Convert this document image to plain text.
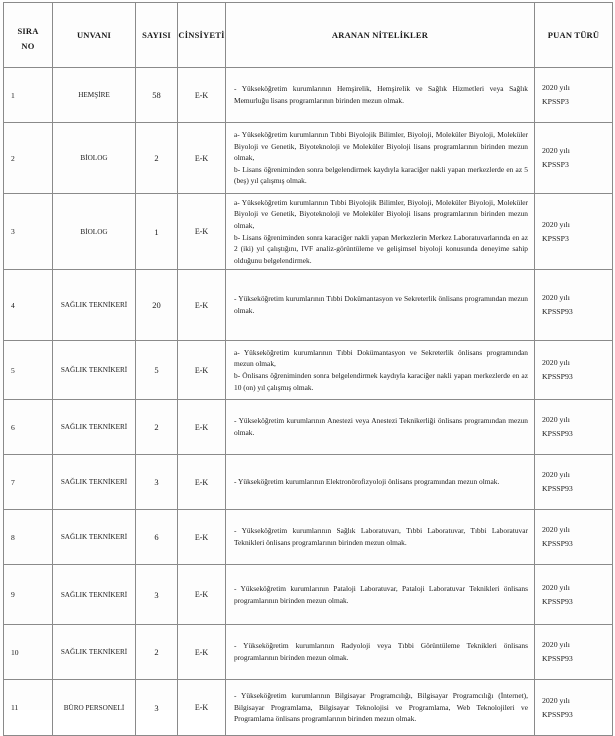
SIRA
NO	UNVANI	SAYISI	CİNSİYETİ	ARANAN NİTELİKLER	PUAN TÜRÜ
1	HEMŞİRE	58	E-K	- Yükseköğretim kurumlarının Hemşirelik, Hemşirelik ve Sağlık Hizmetleri veya Sağlık Memurluğu lisans programlarının birinden mezun olmak.	2020 yılı
KPSSP3

2	BİOLOG	2	E-K	a- Yükseköğretim kurumlarının Tıbbi Biyolojik Bilimler, Biyoloji, Moleküler Biyoloji, Moleküler Biyoloji ve Genetik, Biyoteknoloji ve Moleküler Biyoloji lisans programlarının birinden mezun olmak,
b- Lisans öğreniminden sonra belgelendirmek kaydıyla karaciğer nakli yapan merkezlerde en az 5 (beş) yıl çalışmış olmak.	2020 yılı
KPSSP3

3	BİOLOG	1	E-K	a- Yükseköğretim kurumlarının Tıbbi Biyolojik Bilimler, Biyoloji, Moleküler Biyoloji, Moleküler Biyoloji ve Genetik, Biyoteknoloji ve Moleküler Biyoloji lisans programlarının birinden mezun olmak,
b- Lisans öğreniminden sonra karaciğer nakli yapan Merkezlerin Merkez Laboratuvarlarında en az 2 (iki) yıl çalıştığını, IVF analiz-görüntüleme ve gelişimsel biyoloji konusunda deneyime sahip olduğunu belgelendirmek.	2020 yılı
KPSSP3

4	SAĞLIK TEKNİKERİ	20	E-K	- Yükseköğretim kurumlarının Tıbbi Dokümantasyon ve Sekreterlik önlisans programından mezun olmak.	2020 yılı
KPSSP93

5	SAĞLIK TEKNİKERİ	5	E-K	a- Yükseköğretim kurumlarının Tıbbi Dokümantasyon ve Sekreterlik önlisans programından mezun olmak,
b- Önlisans öğreniminden sonra belgelendirmek kaydıyla karaciğer nakli yapan merkezlerde en az 10 (on) yıl çalışmış olmak.	2020 yılı
KPSSP93

6	SAĞLIK TEKNİKERİ	2	E-K	- Yükseköğretim kurumlarının Anestezi veya Anestezi Teknikerliği önlisans programından mezun olmak.	2020 yılı
KPSSP93

7	SAĞLIK TEKNİKERİ	3	E-K	- Yükseköğretim kurumlarının Elektronörofizyoloji önlisans programından mezun olmak.	2020 yılı
KPSSP93

8	SAĞLIK TEKNİKERİ	6	E-K	- Yükseköğretim kurumlarının Sağlık Laboratuvarı, Tıbbi Laboratuvar, Tıbbi Laboratuvar Teknikleri önlisans programlarının birinden mezun olmak.	2020 yılı
KPSSP93

9	SAĞLIK TEKNİKERİ	3	E-K	- Yükseköğretim kurumlarının Pataloji Laboratuvar, Pataloji Laboratuvar Teknikleri önlisans programlarının birinden mezun olmak.	2020 yılı
KPSSP93

10	SAĞLIK TEKNİKERİ	2	E-K	- Yükseköğretim kurumlarının Radyoloji veya Tıbbi Görüntüleme Teknikleri önlisans programlarının birinden mezun olmak.	2020 yılı
KPSSP93

11	BÜRO PERSONELİ	3	E-K	- Yükseköğretim kurumlarının Bilgisayar Programcılığı, Bilgisayar Programcılığı (İnternet), Bilgisayar Programlama, Bilgisayar Teknolojisi ve Programlama, Web Teknolojileri ve Programlama önlisans programlarının birinden mezun olmak.	2020 yılı
KPSSP93
